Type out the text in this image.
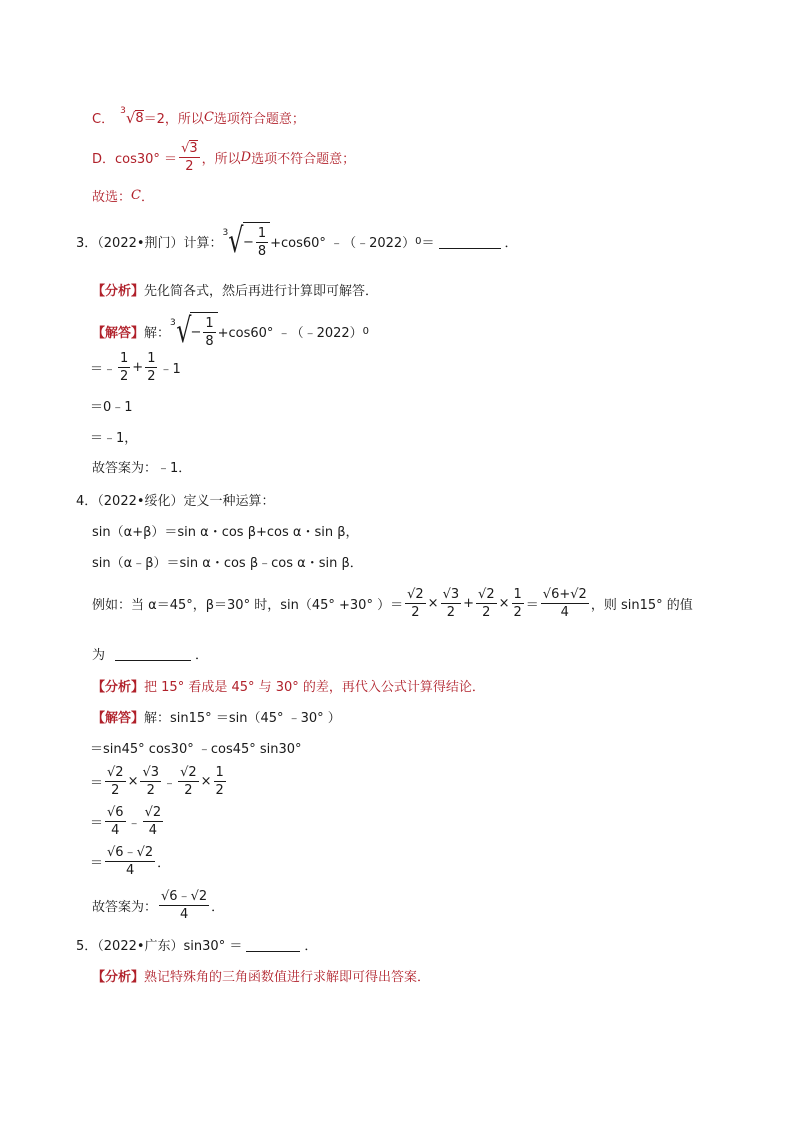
C．
3 √ 8 ＝2，所以 C 选项符合题意；
D．$\cos 30^\circ = \frac{√3}{2}$ ，所以 D 选项不符合题意；
故选： C ．
3．（2022•荆门）计算：
3 √ − $\frac{1}{8} +\cos 60^\circ$ ﹣（﹣2022） 0 ＝	．
【分析】 先化简各式，然后再进行计算即可解答．
【解答】 解：
3 √ − $\frac{1}{8} +\cos 60^\circ$ ﹣（﹣2022） 0
＝﹣ $\frac{1}{2} + \frac{1}{2}$ ﹣1
＝0﹣1
＝﹣1，
故答案为：﹣1．
4．（2022•绥化）定义一种运算：
sin（α+β）＝sin α・cos β+cos α・sin β，
sin（α﹣β）＝sin α・cos β﹣cos α・sin β．
例如：当 α＝45°，β＝30° 时，sin（45° +30° ）＝ $\frac{√2}{2} \times \frac{√3}{2} + \frac{√2}{2} \times \frac{1}{2} = \frac{√6+√2}{4}$ ，则 sin15° 的值
为	．
【分析】 把 15° 看成是 45° 与 30° 的差，再代入公式计算得结论．
【解答】 解：sin15° ＝sin（45° ﹣30° ）
＝sin45° cos30° ﹣cos45° sin30°
＝ $\frac{√2}{2} \times \frac{√3}{2}$ ﹣ $\frac{√2}{2} \times \frac{1}{2}$
＝ $\frac{√6}{4}$ ﹣ $\frac{√2}{4}$
＝ $\frac{√6﹣√2}{4}$ ．
故答案为： $\frac{√6﹣√2}{4}$ ．
5．（2022•广东）sin30° ＝	．
【分析】 熟记特殊角的三角函数值进行求解即可得出答案．
